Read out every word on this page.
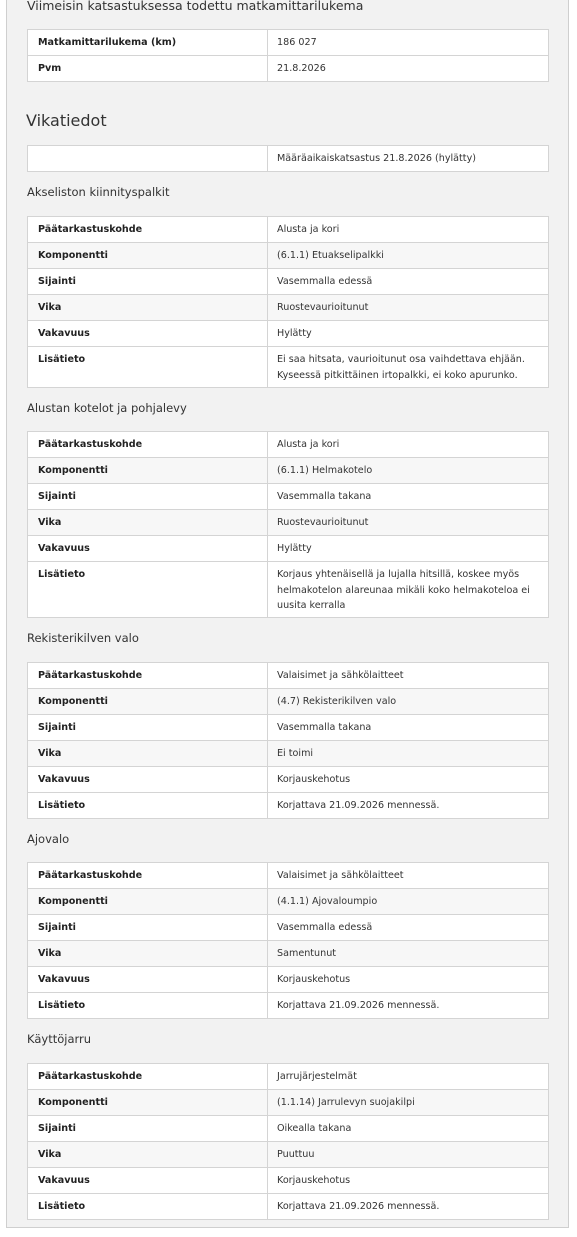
Viimeisin katsastuksessa todettu matkamittarilukema
Matkamittarilukema (km)	186 027
Pvm	21.8.2026
Vikatiedot
	Määräaikaiskatsastus 21.8.2026 (hylätty)
Akseliston kiinnityspalkit
Päätarkastuskohde	Alusta ja kori
Komponentti	(6.1.1) Etuakselipalkki
Sijainti	Vasemmalla edessä
Vika	Ruostevaurioitunut
Vakavuus	Hylätty
Lisätieto	Ei saa hitsata, vaurioitunut osa vaihdettava ehjään. Kyseessä pitkittäinen irtopalkki, ei koko apurunko.
Alustan kotelot ja pohjalevy
Päätarkastuskohde	Alusta ja kori
Komponentti	(6.1.1) Helmakotelo
Sijainti	Vasemmalla takana
Vika	Ruostevaurioitunut
Vakavuus	Hylätty
Lisätieto	Korjaus yhtenäisellä ja lujalla hitsillä, koskee myös helmakotelon alareunaa mikäli koko helmakoteloa ei uusita kerralla
Rekisterikilven valo
Päätarkastuskohde	Valaisimet ja sähkölaitteet
Komponentti	(4.7) Rekisterikilven valo
Sijainti	Vasemmalla takana
Vika	Ei toimi
Vakavuus	Korjauskehotus
Lisätieto	Korjattava 21.09.2026 mennessä.
Ajovalo
Päätarkastuskohde	Valaisimet ja sähkölaitteet
Komponentti	(4.1.1) Ajovaloumpio
Sijainti	Vasemmalla edessä
Vika	Samentunut
Vakavuus	Korjauskehotus
Lisätieto	Korjattava 21.09.2026 mennessä.
Käyttöjarru
Päätarkastuskohde	Jarrujärjestelmät
Komponentti	(1.1.14) Jarrulevyn suojakilpi
Sijainti	Oikealla takana
Vika	Puuttuu
Vakavuus	Korjauskehotus
Lisätieto	Korjattava 21.09.2026 mennessä.
